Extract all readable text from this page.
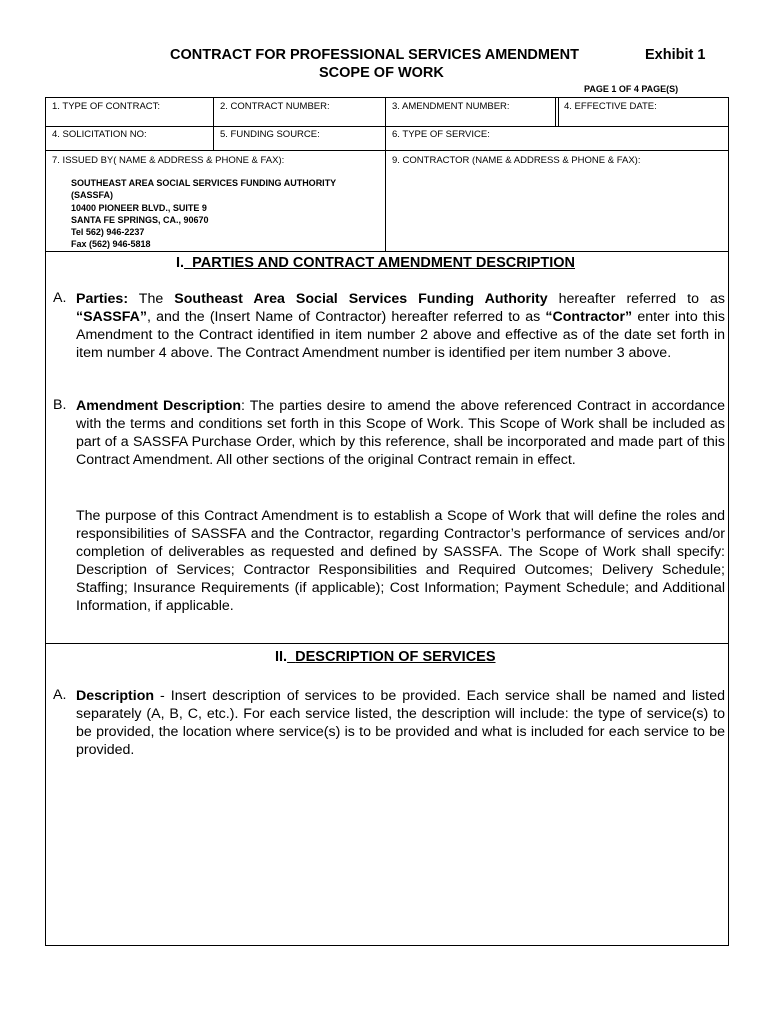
CONTRACT FOR PROFESSIONAL SERVICES AMENDMENT
SCOPE OF WORK
Exhibit 1
PAGE 1 OF 4 PAGE(S)
1. TYPE OF CONTRACT:	2. CONTRACT NUMBER:	3. AMENDMENT NUMBER:	4. EFFECTIVE DATE:
4. SOLICITATION NO:	5. FUNDING SOURCE:	6. TYPE OF SERVICE:
7. ISSUED BY( NAME & ADDRESS & PHONE & FAX):	9. CONTRACTOR (NAME & ADDRESS & PHONE & FAX):
SOUTHEAST AREA SOCIAL SERVICES FUNDING AUTHORITY
(SASSFA)
10400 PIONEER BLVD., SUITE 9
SANTA FE SPRINGS, CA., 90670
Tel 562) 946-2237
Fax (562) 946-5818
I. PARTIES AND CONTRACT AMENDMENT DESCRIPTION
A. Parties: The Southeast Area Social Services Funding Authority hereafter referred to as “SASSFA”, and the (Insert Name of Contractor) hereafter referred to as “Contractor” enter into this Amendment to the Contract identified in item number 2 above and effective as of the date set forth in item number 4 above. The Contract Amendment number is identified per item number 3 above.
B. Amendment Description: The parties desire to amend the above referenced Contract in accordance with the terms and conditions set forth in this Scope of Work. This Scope of Work shall be included as part of a SASSFA Purchase Order, which by this reference, shall be incorporated and made part of this Contract Amendment. All other sections of the original Contract remain in effect.
The purpose of this Contract Amendment is to establish a Scope of Work that will define the roles and responsibilities of SASSFA and the Contractor, regarding Contractor’s performance of services and/or completion of deliverables as requested and defined by SASSFA. The Scope of Work shall specify: Description of Services; Contractor Responsibilities and Required Outcomes; Delivery Schedule; Staffing; Insurance Requirements (if applicable); Cost Information; Payment Schedule; and Additional Information, if applicable.
II. DESCRIPTION OF SERVICES
A. Description - Insert description of services to be provided. Each service shall be named and listed separately (A, B, C, etc.). For each service listed, the description will include: the type of service(s) to be provided, the location where service(s) is to be provided and what is included for each service to be provided.
